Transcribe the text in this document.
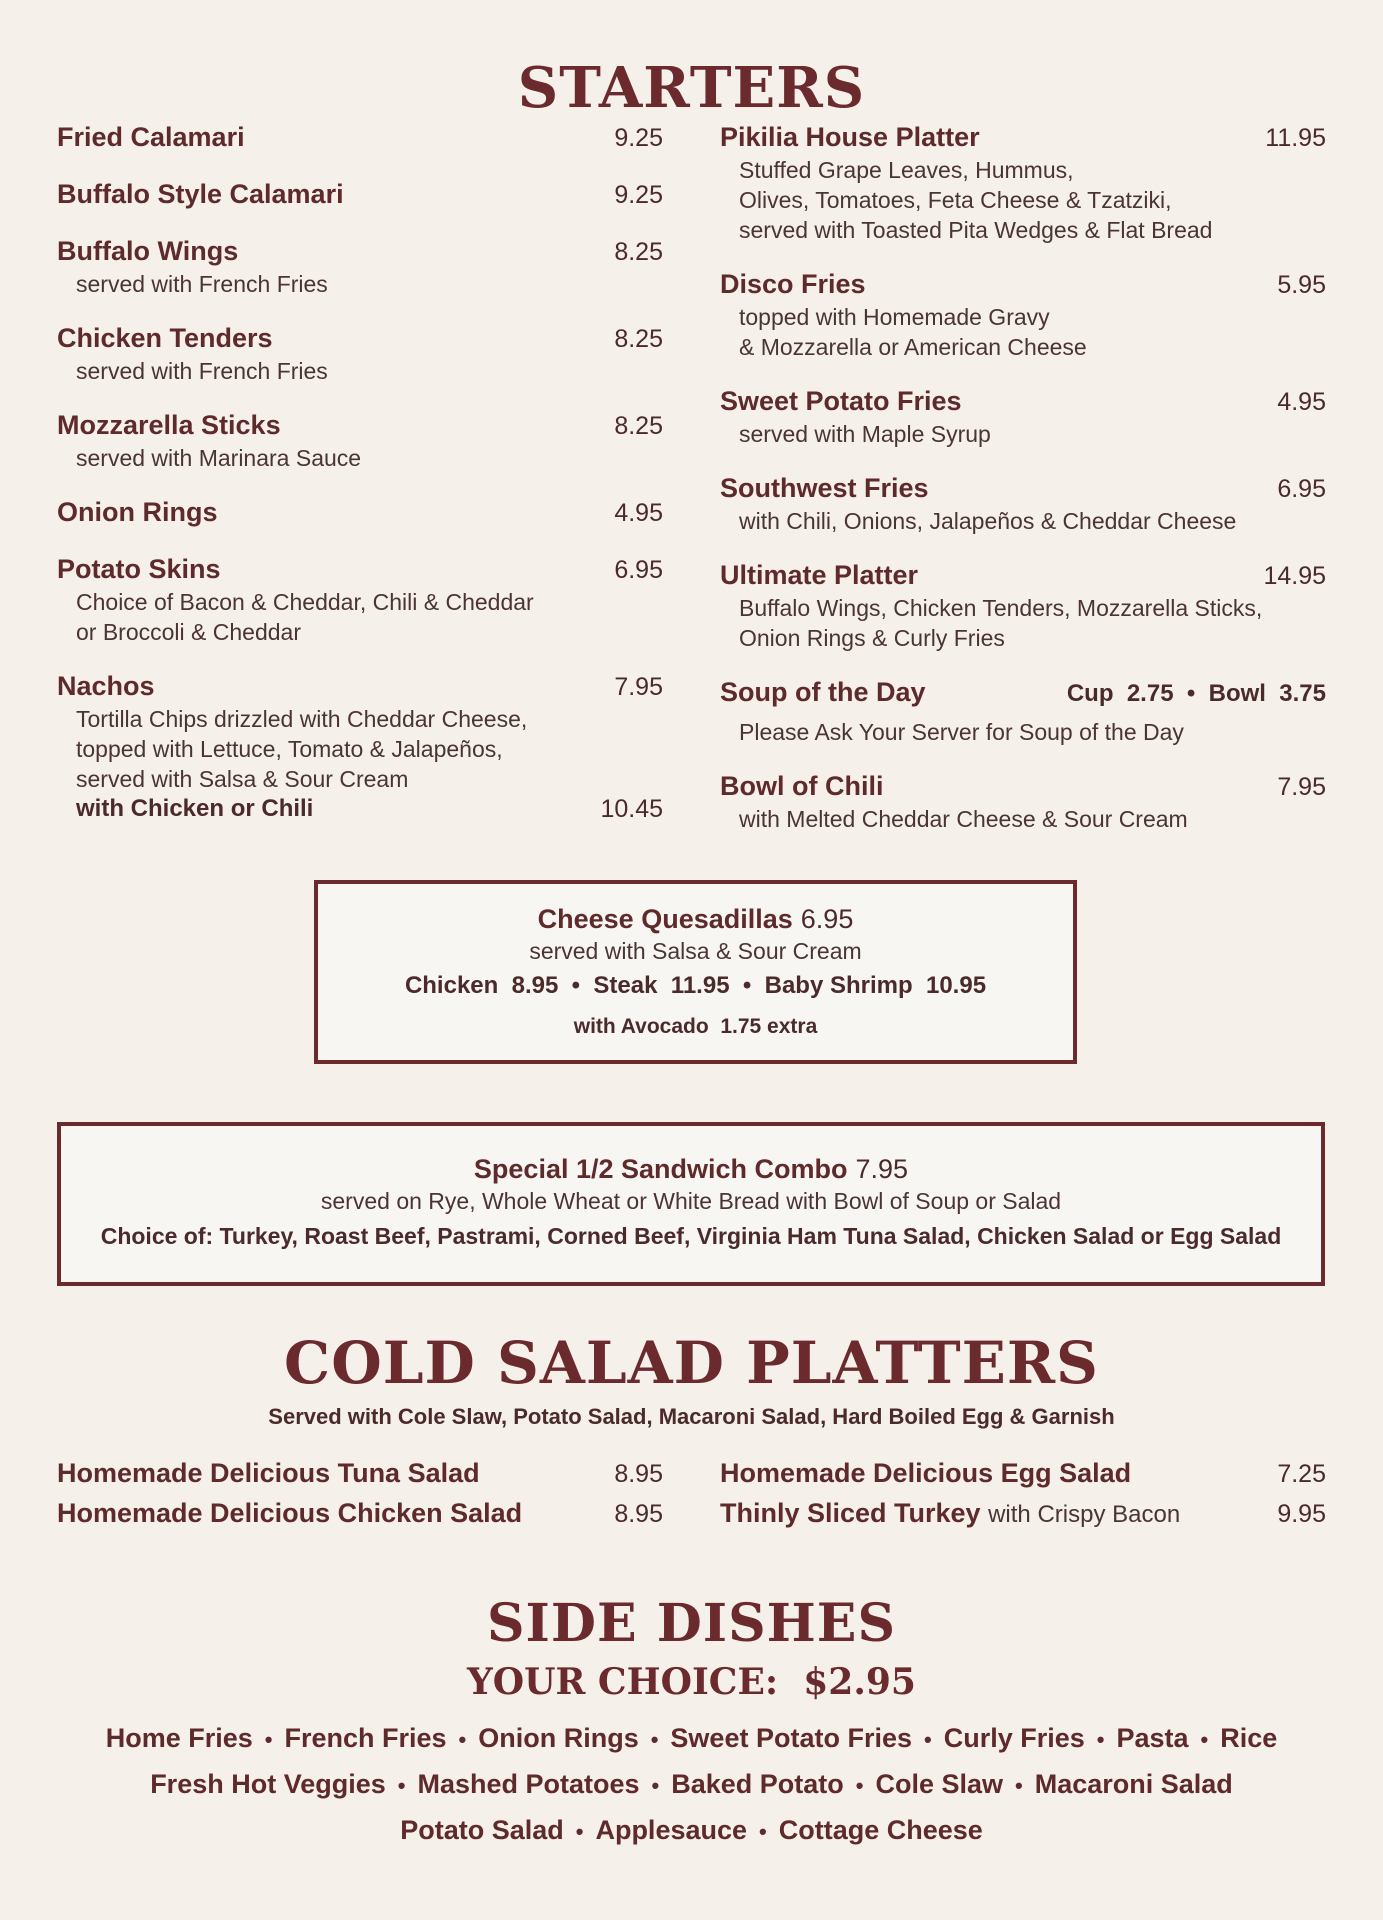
STARTERS
Fried Calamari	9.25
Buffalo Style Calamari	9.25
Buffalo Wings	8.25
served with French Fries
Chicken Tenders	8.25
served with French Fries
Mozzarella Sticks	8.25
served with Marinara Sauce
Onion Rings	4.95
Potato Skins	6.95
Choice of Bacon & Cheddar, Chili & Cheddar
or Broccoli & Cheddar
Nachos	7.95
Tortilla Chips drizzled with Cheddar Cheese,
topped with Lettuce, Tomato & Jalapeños,
served with Salsa & Sour Cream
with Chicken or Chili	10.45
Pikilia House Platter	11.95
Stuffed Grape Leaves, Hummus,
Olives, Tomatoes, Feta Cheese & Tzatziki,
served with Toasted Pita Wedges & Flat Bread
Disco Fries	5.95
topped with Homemade Gravy
& Mozzarella or American Cheese
Sweet Potato Fries	4.95
served with Maple Syrup
Southwest Fries	6.95
with Chili, Onions, Jalapeños & Cheddar Cheese
Ultimate Platter	14.95
Buffalo Wings, Chicken Tenders, Mozzarella Sticks,
Onion Rings & Curly Fries
Soup of the Day	Cup  2.75  •  Bowl  3.75
Please Ask Your Server for Soup of the Day
Bowl of Chili	7.95
with Melted Cheddar Cheese & Sour Cream
Cheese Quesadillas 6.95
served with Salsa & Sour Cream
Chicken  8.95  •  Steak  11.95  •  Baby Shrimp  10.95
with Avocado  1.75 extra
Special 1/2 Sandwich Combo 7.95
served on Rye, Whole Wheat or White Bread with Bowl of Soup or Salad
Choice of: Turkey, Roast Beef, Pastrami, Corned Beef, Virginia Ham Tuna Salad, Chicken Salad or Egg Salad
COLD SALAD PLATTERS
Served with Cole Slaw, Potato Salad, Macaroni Salad, Hard Boiled Egg & Garnish
Homemade Delicious Tuna Salad	8.95
Homemade Delicious Chicken Salad	8.95
Homemade Delicious Egg Salad	7.25
Thinly Sliced Turkey with Crispy Bacon	9.95
SIDE DISHES
YOUR CHOICE:  $2.95
Home Fries • French Fries • Onion Rings • Sweet Potato Fries • Curly Fries • Pasta • Rice
Fresh Hot Veggies • Mashed Potatoes • Baked Potato • Cole Slaw • Macaroni Salad
Potato Salad • Applesauce • Cottage Cheese
